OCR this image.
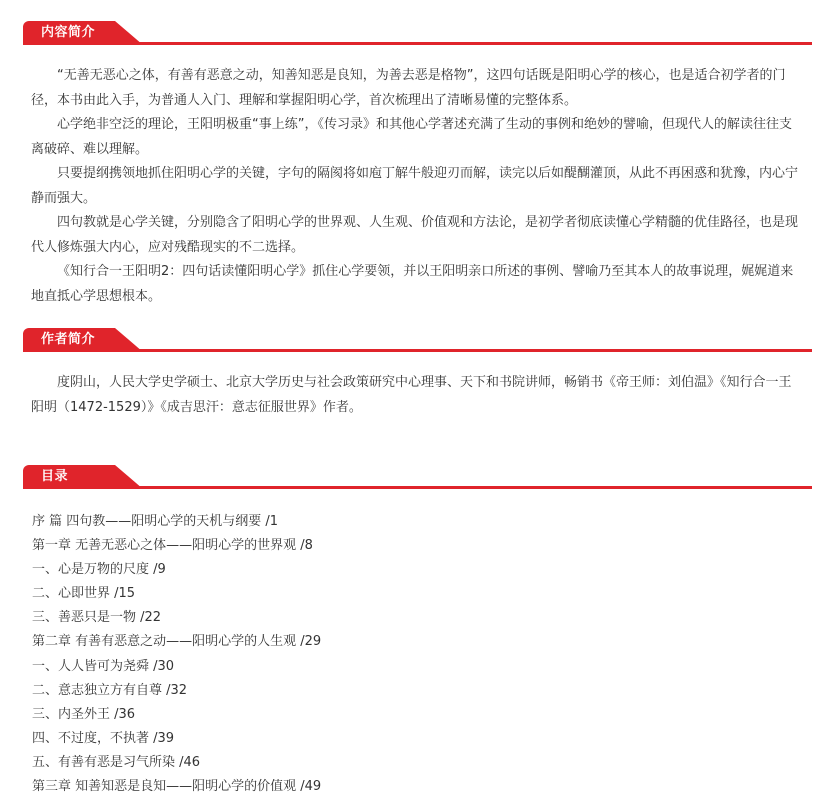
内容简介

“无善无恶心之体，有善有恶意之动，知善知恶是良知，为善去恶是格物”，这四句话既是阳明心学的核心，也是适合初学者的门径，本书由此入手，为普通人入门、理解和掌握阳明心学，首次梳理出了清晰易懂的完整体系。

心学绝非空泛的理论，王阳明极重“事上练”，《传习录》和其他心学著述充满了生动的事例和绝妙的譬喻，但现代人的解读往往支离破碎、难以理解。

只要提纲携领地抓住阳明心学的关键，字句的隔阂将如庖丁解牛般迎刃而解，读完以后如醍醐灌顶，从此不再困惑和犹豫，内心宁静而强大。

四句教就是心学关键，分别隐含了阳明心学的世界观、人生观、价值观和方法论，是初学者彻底读懂心学精髓的优佳路径，也是现代人修炼强大内心，应对残酷现实的不二选择。

《知行合一王阳明2：四句话读懂阳明心学》抓住心学要领，并以王阳明亲口所述的事例、譬喻乃至其本人的故事说理，娓娓道来地直抵心学思想根本。

作者简介

度阴山，人民大学史学硕士、北京大学历史与社会政策研究中心理事、天下和书院讲师，畅销书《帝王师：刘伯温》《知行合一王阳明（1472-1529）》《成吉思汗：意志征服世界》作者。

目录
序 篇 四句教——阳明心学的天机与纲要 /1
第一章 无善无恶心之体——阳明心学的世界观 /8
一、心是万物的尺度 /9
二、心即世界 /15
三、善恶只是一物 /22
第二章 有善有恶意之动——阳明心学的人生观 /29
一、人人皆可为尧舜 /30
二、意志独立方有自尊 /32
三、内圣外王 /36
四、不过度，不执著 /39
五、有善有恶是习气所染 /46
第三章 知善知恶是良知——阳明心学的价值观 /49
